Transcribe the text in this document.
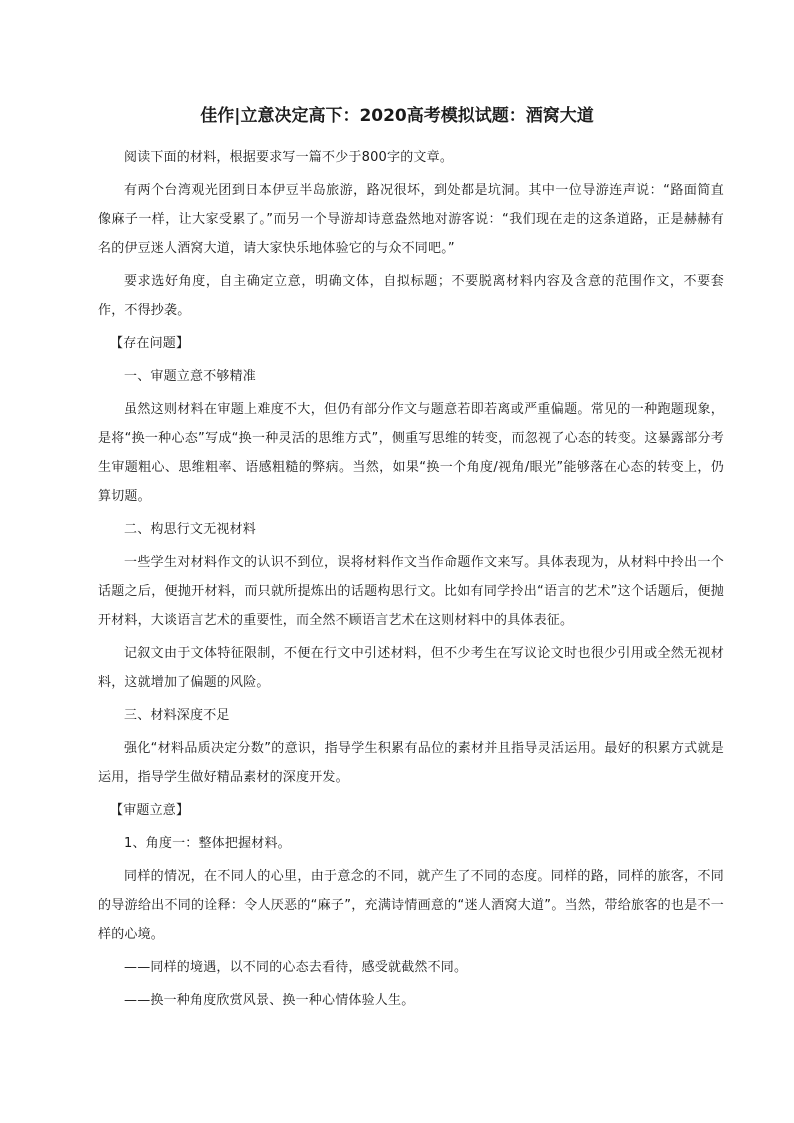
佳作|立意决定高下：2020高考模拟试题：酒窝大道

阅读下面的材料，根据要求写一篇不少于800字的文章。

有两个台湾观光团到日本伊豆半岛旅游，路况很坏，到处都是坑洞。其中一位导游连声说：“路面简直像麻子一样，让大家受累了。”而另一个导游却诗意盎然地对游客说：“我们现在走的这条道路，正是赫赫有名的伊豆迷人酒窝大道，请大家快乐地体验它的与众不同吧。”

要求选好角度，自主确定立意，明确文体，自拟标题；不要脱离材料内容及含意的范围作文，不要套作，不得抄袭。

【存在问题】

一、审题立意不够精准

虽然这则材料在审题上难度不大，但仍有部分作文与题意若即若离或严重偏题。常见的一种跑题现象，是将“换一种心态”写成“换一种灵活的思维方式”，侧重写思维的转变，而忽视了心态的转变。这暴露部分考生审题粗心、思维粗率、语感粗糙的弊病。当然，如果“换一个角度/视角/眼光”能够落在心态的转变上，仍算切题。

二、构思行文无视材料

一些学生对材料作文的认识不到位，误将材料作文当作命题作文来写。具体表现为，从材料中拎出一个话题之后，便抛开材料，而只就所提炼出的话题构思行文。比如有同学拎出“语言的艺术”这个话题后，便抛开材料，大谈语言艺术的重要性，而全然不顾语言艺术在这则材料中的具体表征。

记叙文由于文体特征限制，不便在行文中引述材料，但不少考生在写议论文时也很少引用或全然无视材料，这就增加了偏题的风险。

三、材料深度不足

强化“材料品质决定分数”的意识，指导学生积累有品位的素材并且指导灵活运用。最好的积累方式就是运用，指导学生做好精品素材的深度开发。

【审题立意】

1、角度一：整体把握材料。

同样的情况，在不同人的心里，由于意念的不同，就产生了不同的态度。同样的路，同样的旅客，不同的导游给出不同的诠释：令人厌恶的“麻子”，充满诗情画意的“迷人酒窝大道”。当然，带给旅客的也是不一样的心境。

——同样的境遇，以不同的心态去看待，感受就截然不同。

——换一种角度欣赏风景、换一种心情体验人生。
